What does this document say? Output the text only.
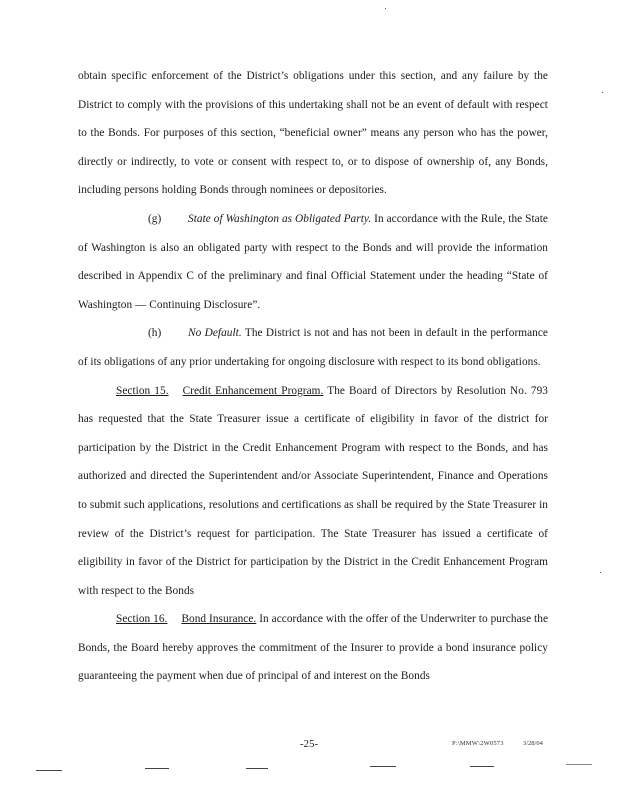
obtain specific enforcement of the District’s obligations under this section, and any failure by the District to comply with the provisions of this undertaking shall not be an event of default with respect to the Bonds. For purposes of this section, “beneficial owner” means any person who has the power, directly or indirectly, to vote or consent with respect to, or to dispose of ownership of, any Bonds, including persons holding Bonds through nominees or depositories.

(g) State of Washington as Obligated Party. In accordance with the Rule, the State of Washington is also an obligated party with respect to the Bonds and will provide the information described in Appendix C of the preliminary and final Official Statement under the heading “State of Washington — Continuing Disclosure”.

(h) No Default. The District is not and has not been in default in the performance of its obligations of any prior undertaking for ongoing disclosure with respect to its bond obligations.

Section 15. Credit Enhancement Program. The Board of Directors by Resolution No. 793 has requested that the State Treasurer issue a certificate of eligibility in favor of the district for participation by the District in the Credit Enhancement Program with respect to the Bonds, and has authorized and directed the Superintendent and/or Associate Superintendent, Finance and Operations to submit such applications, resolutions and certifications as shall be required by the State Treasurer in review of the District’s request for participation. The State Treasurer has issued a certificate of eligibility in favor of the District for participation by the District in the Credit Enhancement Program with respect to the Bonds

Section 16. Bond Insurance. In accordance with the offer of the Underwriter to purchase the Bonds, the Board hereby approves the commitment of the Insurer to provide a bond insurance policy guaranteeing the payment when due of principal of and interest on the Bonds

-25-	P:\MMW\2W0573	3/28/04
